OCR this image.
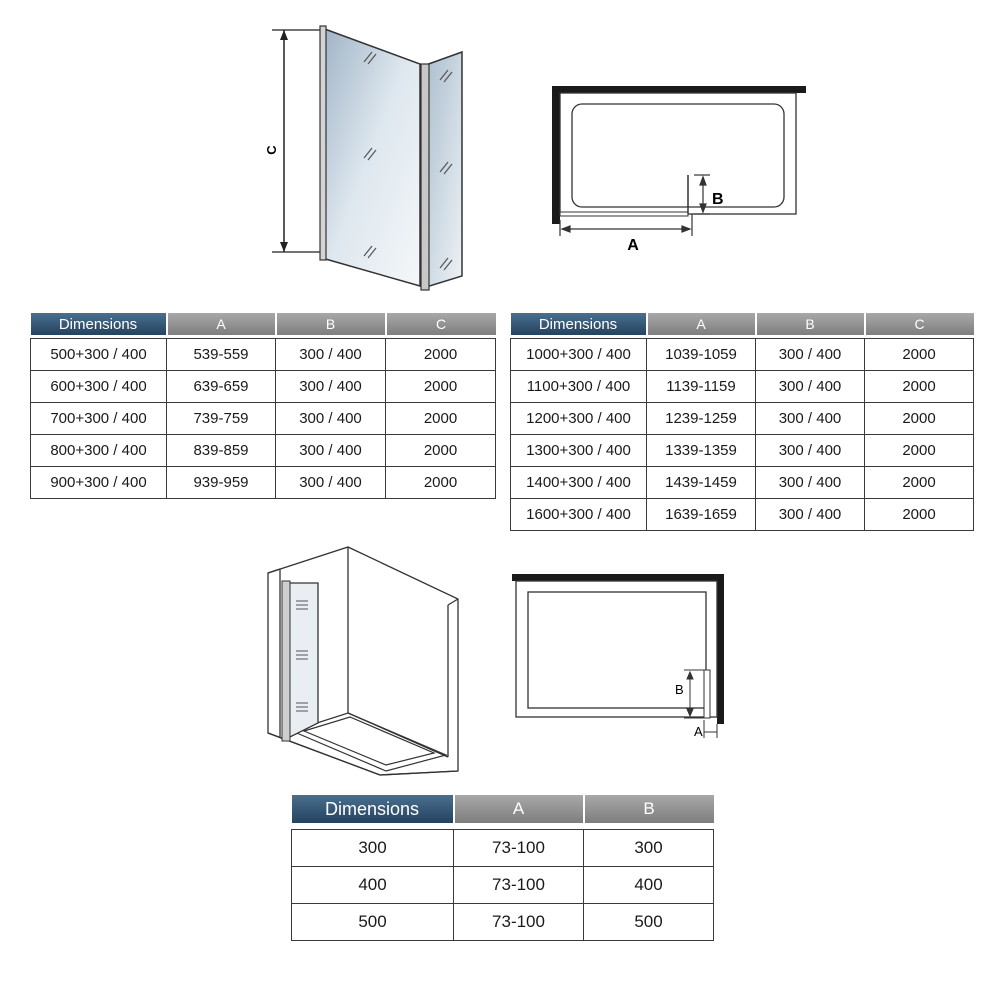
C
A
B
Dimensions	A	B	C

500+300 / 400	539-559	300 / 400	2000
600+300 / 400	639-659	300 / 400	2000
700+300 / 400	739-759	300 / 400	2000
800+300 / 400	839-859	300 / 400	2000
900+300 / 400	939-959	300 / 400	2000
Dimensions	A	B	C

1000+300 / 400	1039-1059	300 / 400	2000
1100+300 / 400	1139-1159	300 / 400	2000
1200+300 / 400	1239-1259	300 / 400	2000
1300+300 / 400	1339-1359	300 / 400	2000
1400+300 / 400	1439-1459	300 / 400	2000
1600+300 / 400	1639-1659	300 / 400	2000
B
A
Dimensions	A	B

300	73-100	300
400	73-100	400
500	73-100	500
